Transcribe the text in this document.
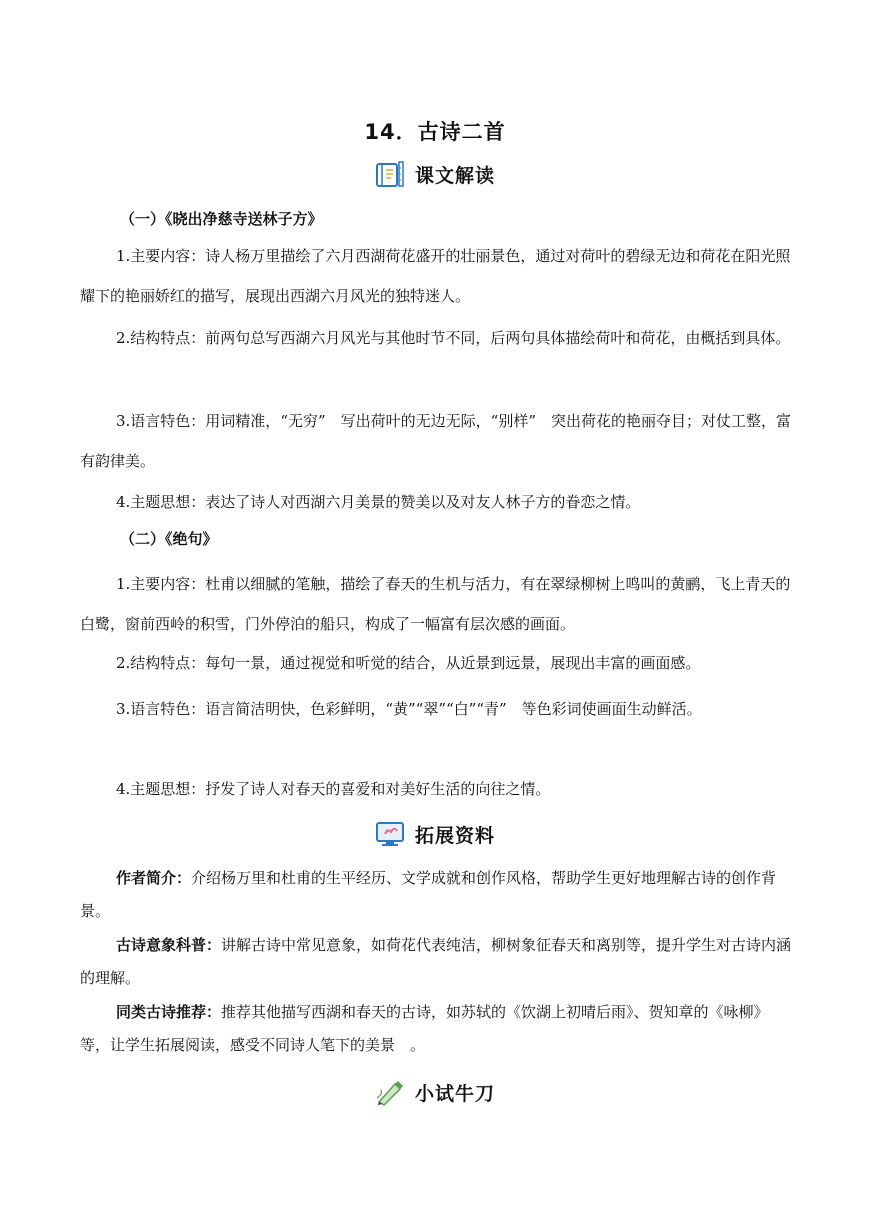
14．古诗二首
课文解读
（一）《晓出净慈寺送林子方》
1.主要内容：诗人杨万里描绘了六月西湖荷花盛开的壮丽景色，通过对荷叶的碧绿无边和荷花在阳光照耀下的艳丽娇红的描写，展现出西湖六月风光的独特迷人。
2.结构特点：前两句总写西湖六月风光与其他时节不同，后两句具体描绘荷叶和荷花，由概括到具体。
3.语言特色：用词精准，“无穷”　写出荷叶的无边无际，“别样”　突出荷花的艳丽夺目；对仗工整，富有韵律美。
4.主题思想：表达了诗人对西湖六月美景的赞美以及对友人林子方的眷恋之情。
（二）《绝句》
1.主要内容：杜甫以细腻的笔触，描绘了春天的生机与活力，有在翠绿柳树上鸣叫的黄鹂，飞上青天的白鹭，窗前西岭的积雪，门外停泊的船只，构成了一幅富有层次感的画面。
2.结构特点：每句一景，通过视觉和听觉的结合，从近景到远景，展现出丰富的画面感。
3.语言特色：语言简洁明快，色彩鲜明，“黄”“翠”“白”“青”　等色彩词使画面生动鲜活。
4.主题思想：抒发了诗人对春天的喜爱和对美好生活的向往之情。
拓展资料
作者简介：介绍杨万里和杜甫的生平经历、文学成就和创作风格，帮助学生更好地理解古诗的创作背景。
古诗意象科普：讲解古诗中常见意象，如荷花代表纯洁，柳树象征春天和离别等，提升学生对古诗内涵的理解。
同类古诗推荐：推荐其他描写西湖和春天的古诗，如苏轼的《饮湖上初晴后雨》、贺知章的《咏柳》等，让学生拓展阅读，感受不同诗人笔下的美景　。
小试牛刀
